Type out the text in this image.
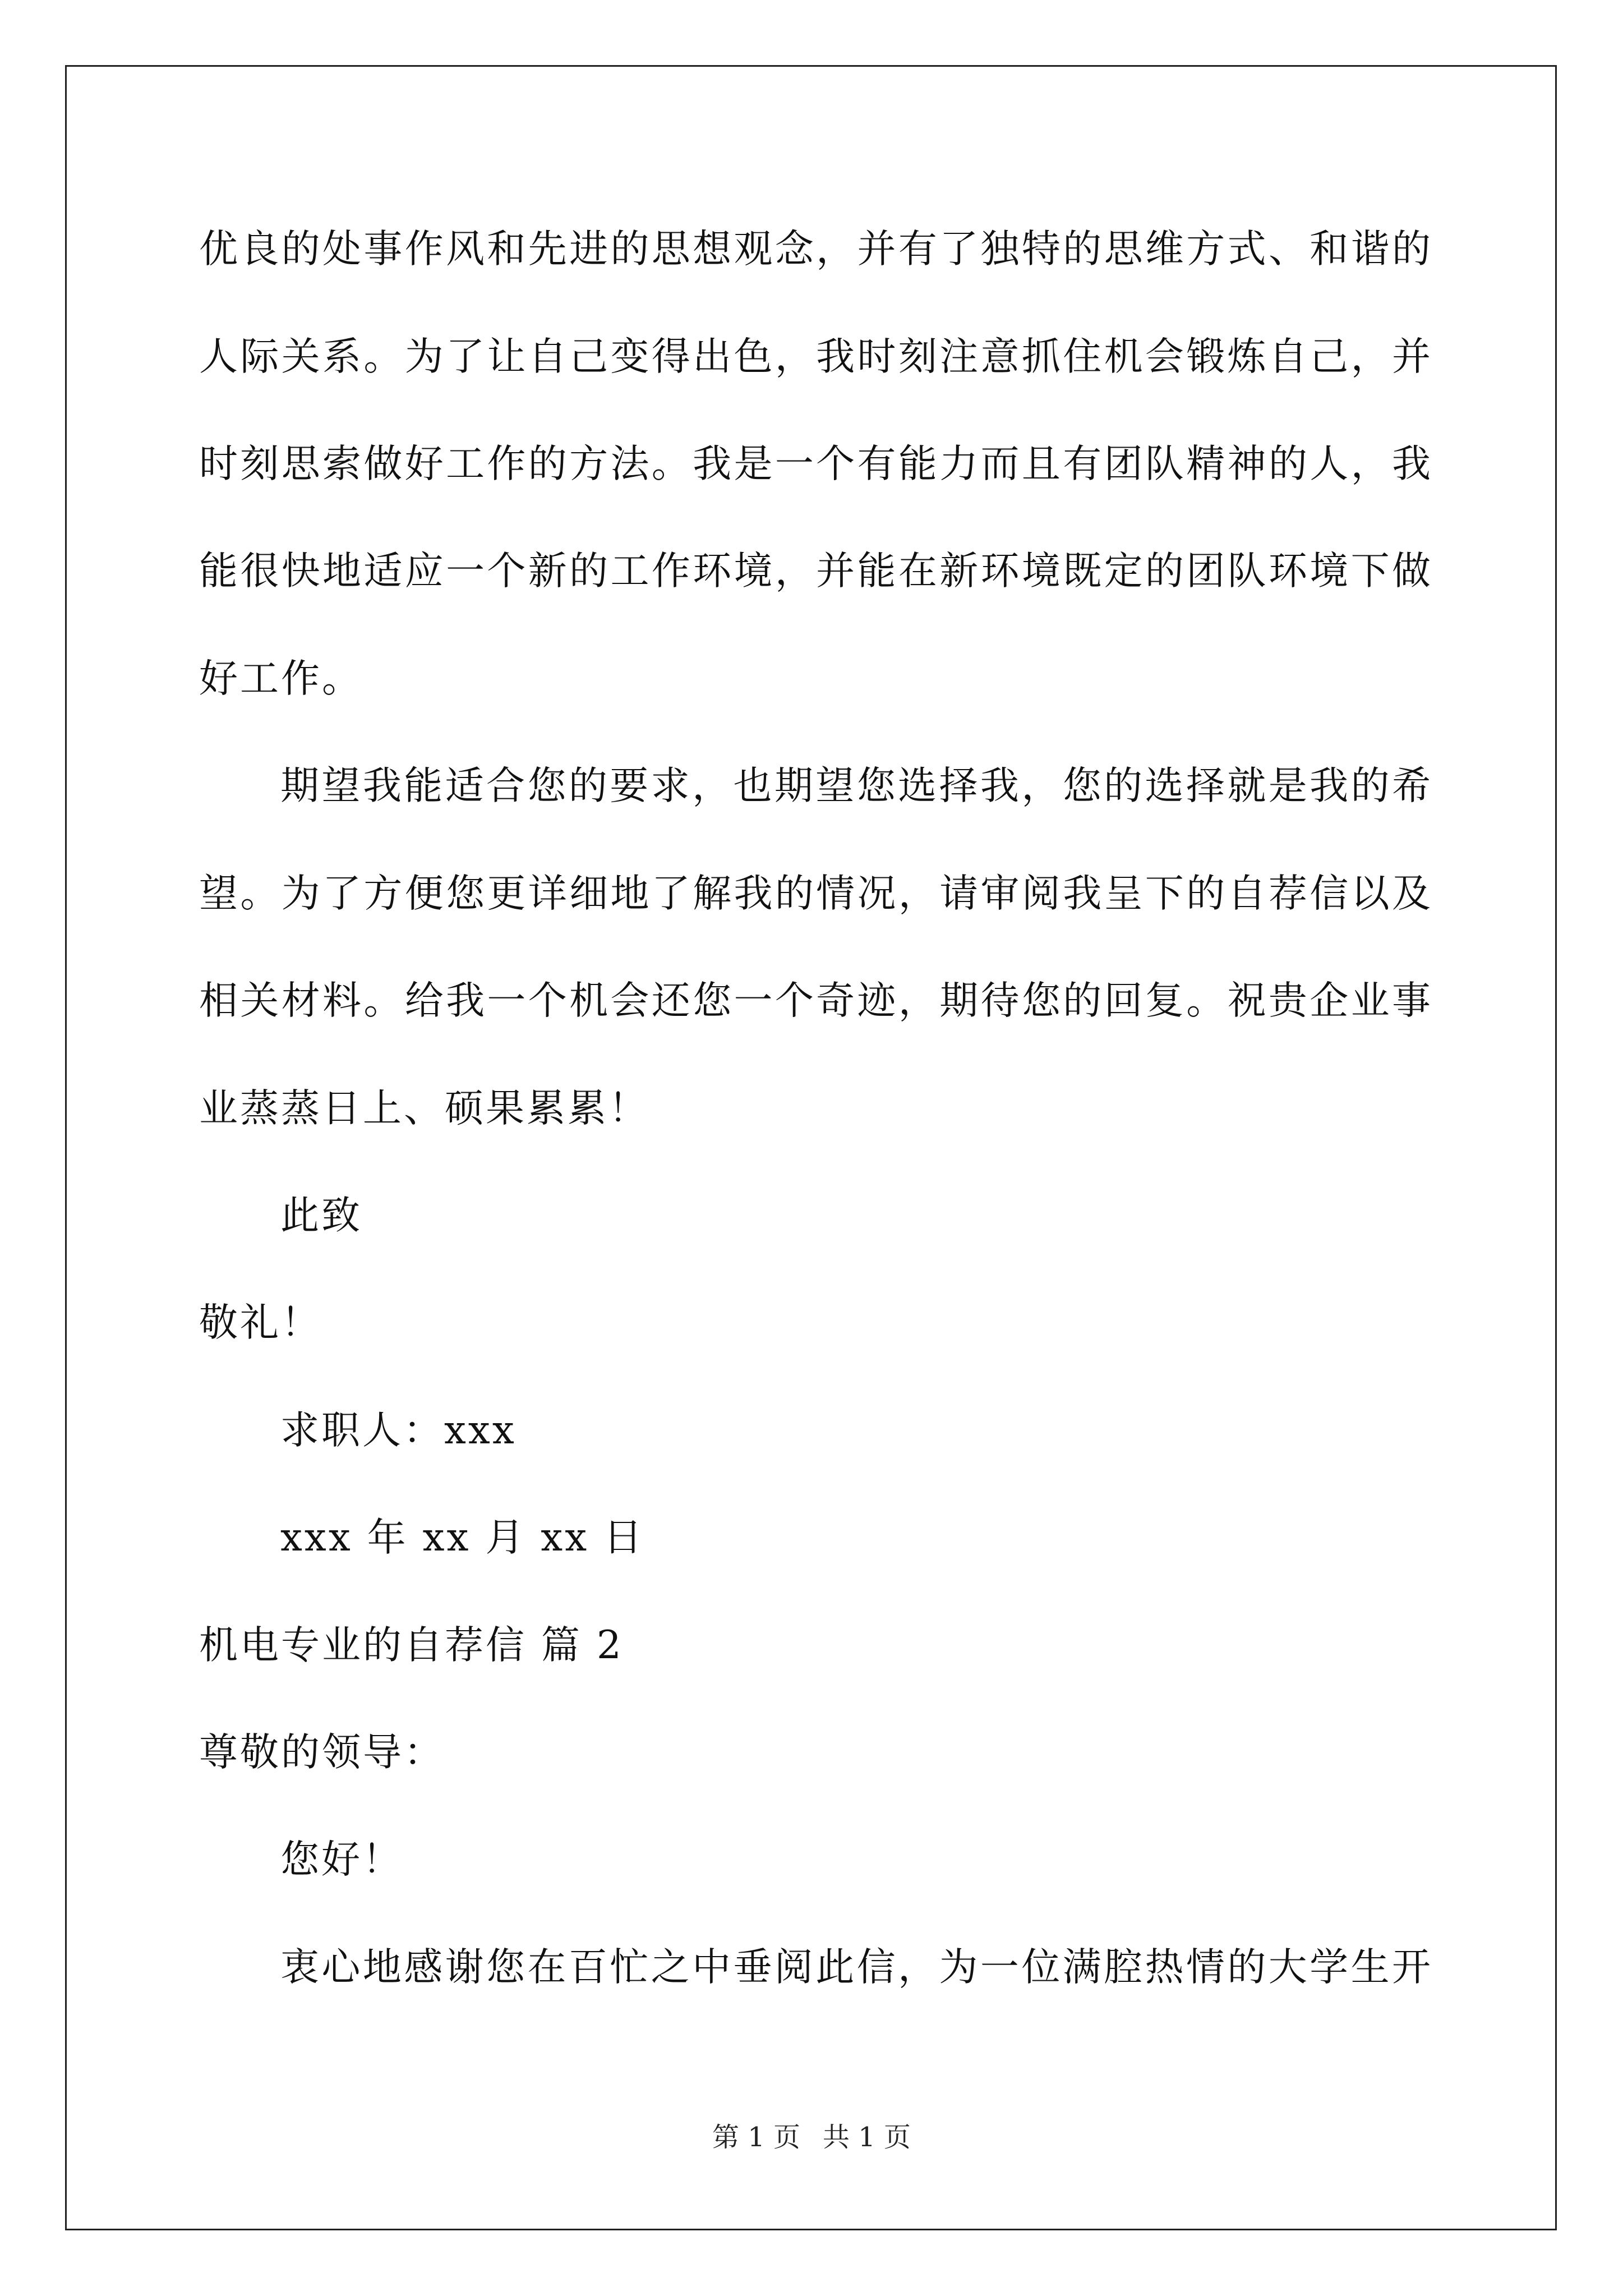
优良的处事作风和先进的思想观念，并有了独特的思维方式、和谐的
人际关系。为了让自己变得出色，我时刻注意抓住机会锻炼自己，并
时刻思索做好工作的方法。我是一个有能力而且有团队精神的人，我
能很快地适应一个新的工作环境，并能在新环境既定的团队环境下做
好工作。
期望我能适合您的要求，也期望您选择我，您的选择就是我的希
望。为了方便您更详细地了解我的情况，请审阅我呈下的自荐信以及
相关材料。给我一个机会还您一个奇迹，期待您的回复。祝贵企业事
业蒸蒸日上、硕果累累！
此致
敬礼！
求职人：xxx
xxx 年 xx 月 xx 日
机电专业的自荐信 篇 2
尊敬的领导：
您好！
衷心地感谢您在百忙之中垂阅此信，为一位满腔热情的大学生开
第 1 页 共 1 页
